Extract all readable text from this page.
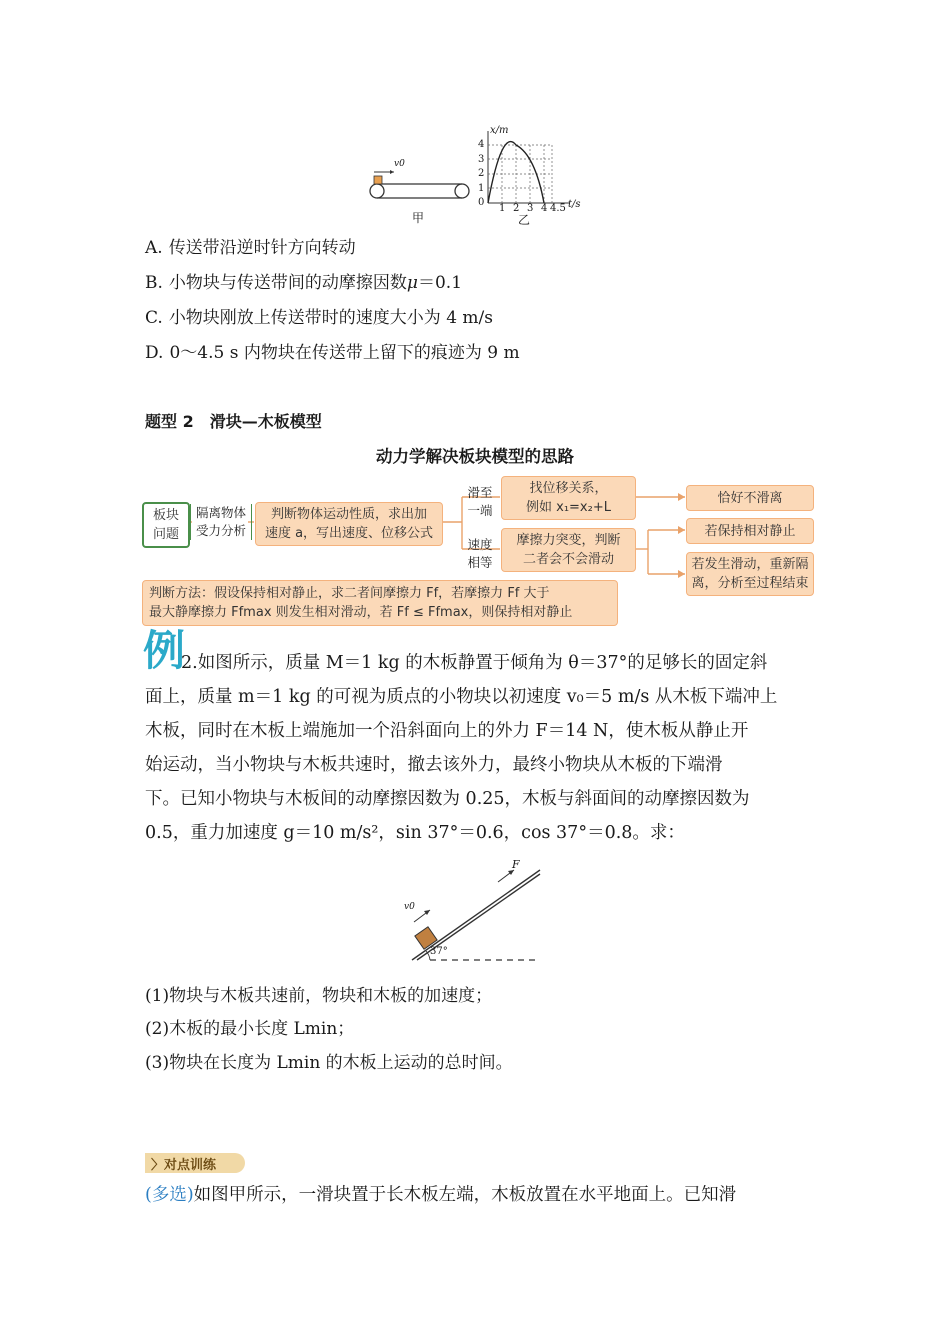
v0
甲	乙
x/m
t/s
4
3
2
1
0
1 2 3 4 4.5
A. 传送带沿逆时针方向转动
B. 小物块与传送带间的动摩擦因数μ＝0.1
C. 小物块刚放上传送带时的速度大小为 4 m/s
D. 0～4.5 s 内物块在传送带上留下的痕迹为 9 m
题型 2　滑块—木板模型
动力学解决板块模型的思路
板块
问题
隔离物体
受力分析
判断物体运动性质，求出加
速度 a，写出速度、位移公式
滑至
一端
速度
相等
找位移关系，
例如 x₁=x₂+L
摩擦力突变，判断
二者会不会滑动
恰好不滑离
若保持相对静止
若发生滑动，重新隔
离，分析至过程结束
判断方法：假设保持相对静止，求二者间摩擦力 Ff，若摩擦力 Ff 大于
最大静摩擦力 Ffmax 则发生相对滑动，若 Ff ≤ Ffmax，则保持相对静止
例
2.如图所示，质量 M＝1 kg 的木板静置于倾角为 θ＝37°的足够长的固定斜
面上，质量 m＝1 kg 的可视为质点的小物块以初速度 v₀＝5 m/s 从木板下端冲上
木板，同时在木板上端施加一个沿斜面向上的外力 F＝14 N，使木板从静止开
始运动，当小物块与木板共速时，撤去该外力，最终小物块从木板的下端滑
下。已知小物块与木板间的动摩擦因数为 0.25，木板与斜面间的动摩擦因数为
0.5，重力加速度 g＝10 m/s²，sin 37°＝0.6，cos 37°＝0.8。求：
F
v0
37°
(1)物块与木板共速前，物块和木板的加速度；
(2)木板的最小长度 Lmin；
(3)物块在长度为 Lmin 的木板上运动的总时间。
〉对点训练
(多选)如图甲所示，一滑块置于长木板左端，木板放置在水平地面上。已知滑
